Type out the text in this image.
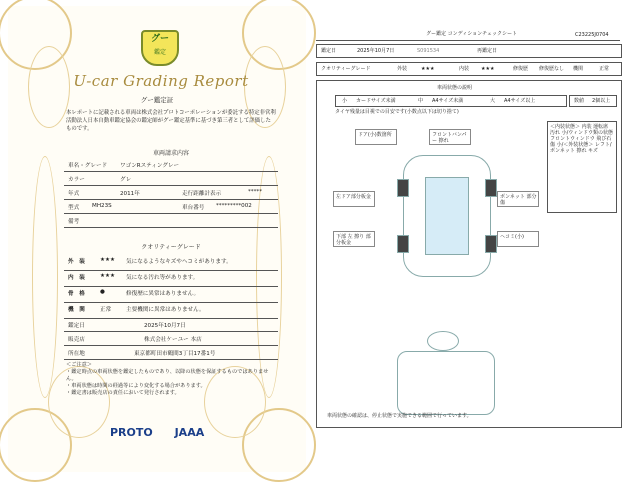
グー
鑑定
U-car Grading Report
グー鑑定証
本レポートに記載される車両は株式会社プロトコーポレーションが委託する特定非営利活動法人日本自動車鑑定協会の鑑定師がグー鑑定基準に基づき第三者として評価したものです。
車両請求内容
車名・グレード ワゴンRスティングレー
カラー	グレ
年式	2011年	走行距離計表示	*****
型式 MH23S	車台番号 *********002
備考
クオリティーグレード
外　装	★★★ 気になるようなキズやヘコミがあります。
内　装	★★★ 気になる汚れ等があります。
骨　格	●	修復歴に異常はありません。
機　関	正常	主要機関に異常はありません。
鑑定日	2025年10月7日
販売店	株式会社ケーユー 本店
所在地	東京都町田市鶴間3丁目17番1号
＜ご注意＞
・鑑定時点の車両状態を鑑定したものであり、以降の状態を保証するものではありません。
・車両状態は時間の経過等により変化する場合があります。
・鑑定書は販売店の責任において発行されます。
PROTO JAAA
C23225J0704
グー鑑定 コンディションチェックシート
鑑定日	2025年10月7日	S091534	再鑑定日
クオリティーグレード	外装	★★★	内装 ★★★	修復歴 修復歴なし 機関	正常
車両状態の説明
小 カードサイズ未満	中 A4サイズ未満	大 A4サイズ以上	数値 2個以上
タイヤ残量は目視での目安です(小数点以下は切り捨て)
ドア(小)数箇所	フロントバンパー 擦れ
左ドア部分板金	ボンネット 部分傷
下部 左 擦り 部分板金
ヘコミ(小)
＜内装状態＞ 内装 運転席 汚れ 小/ウィンドウ類の状態 フロントウィンドウ 飛び石傷 小/＜外装状態＞ レフト/ボンネット 擦れ キズ
車両状態の確認は、停止状態で実施できる範囲で行っています。
